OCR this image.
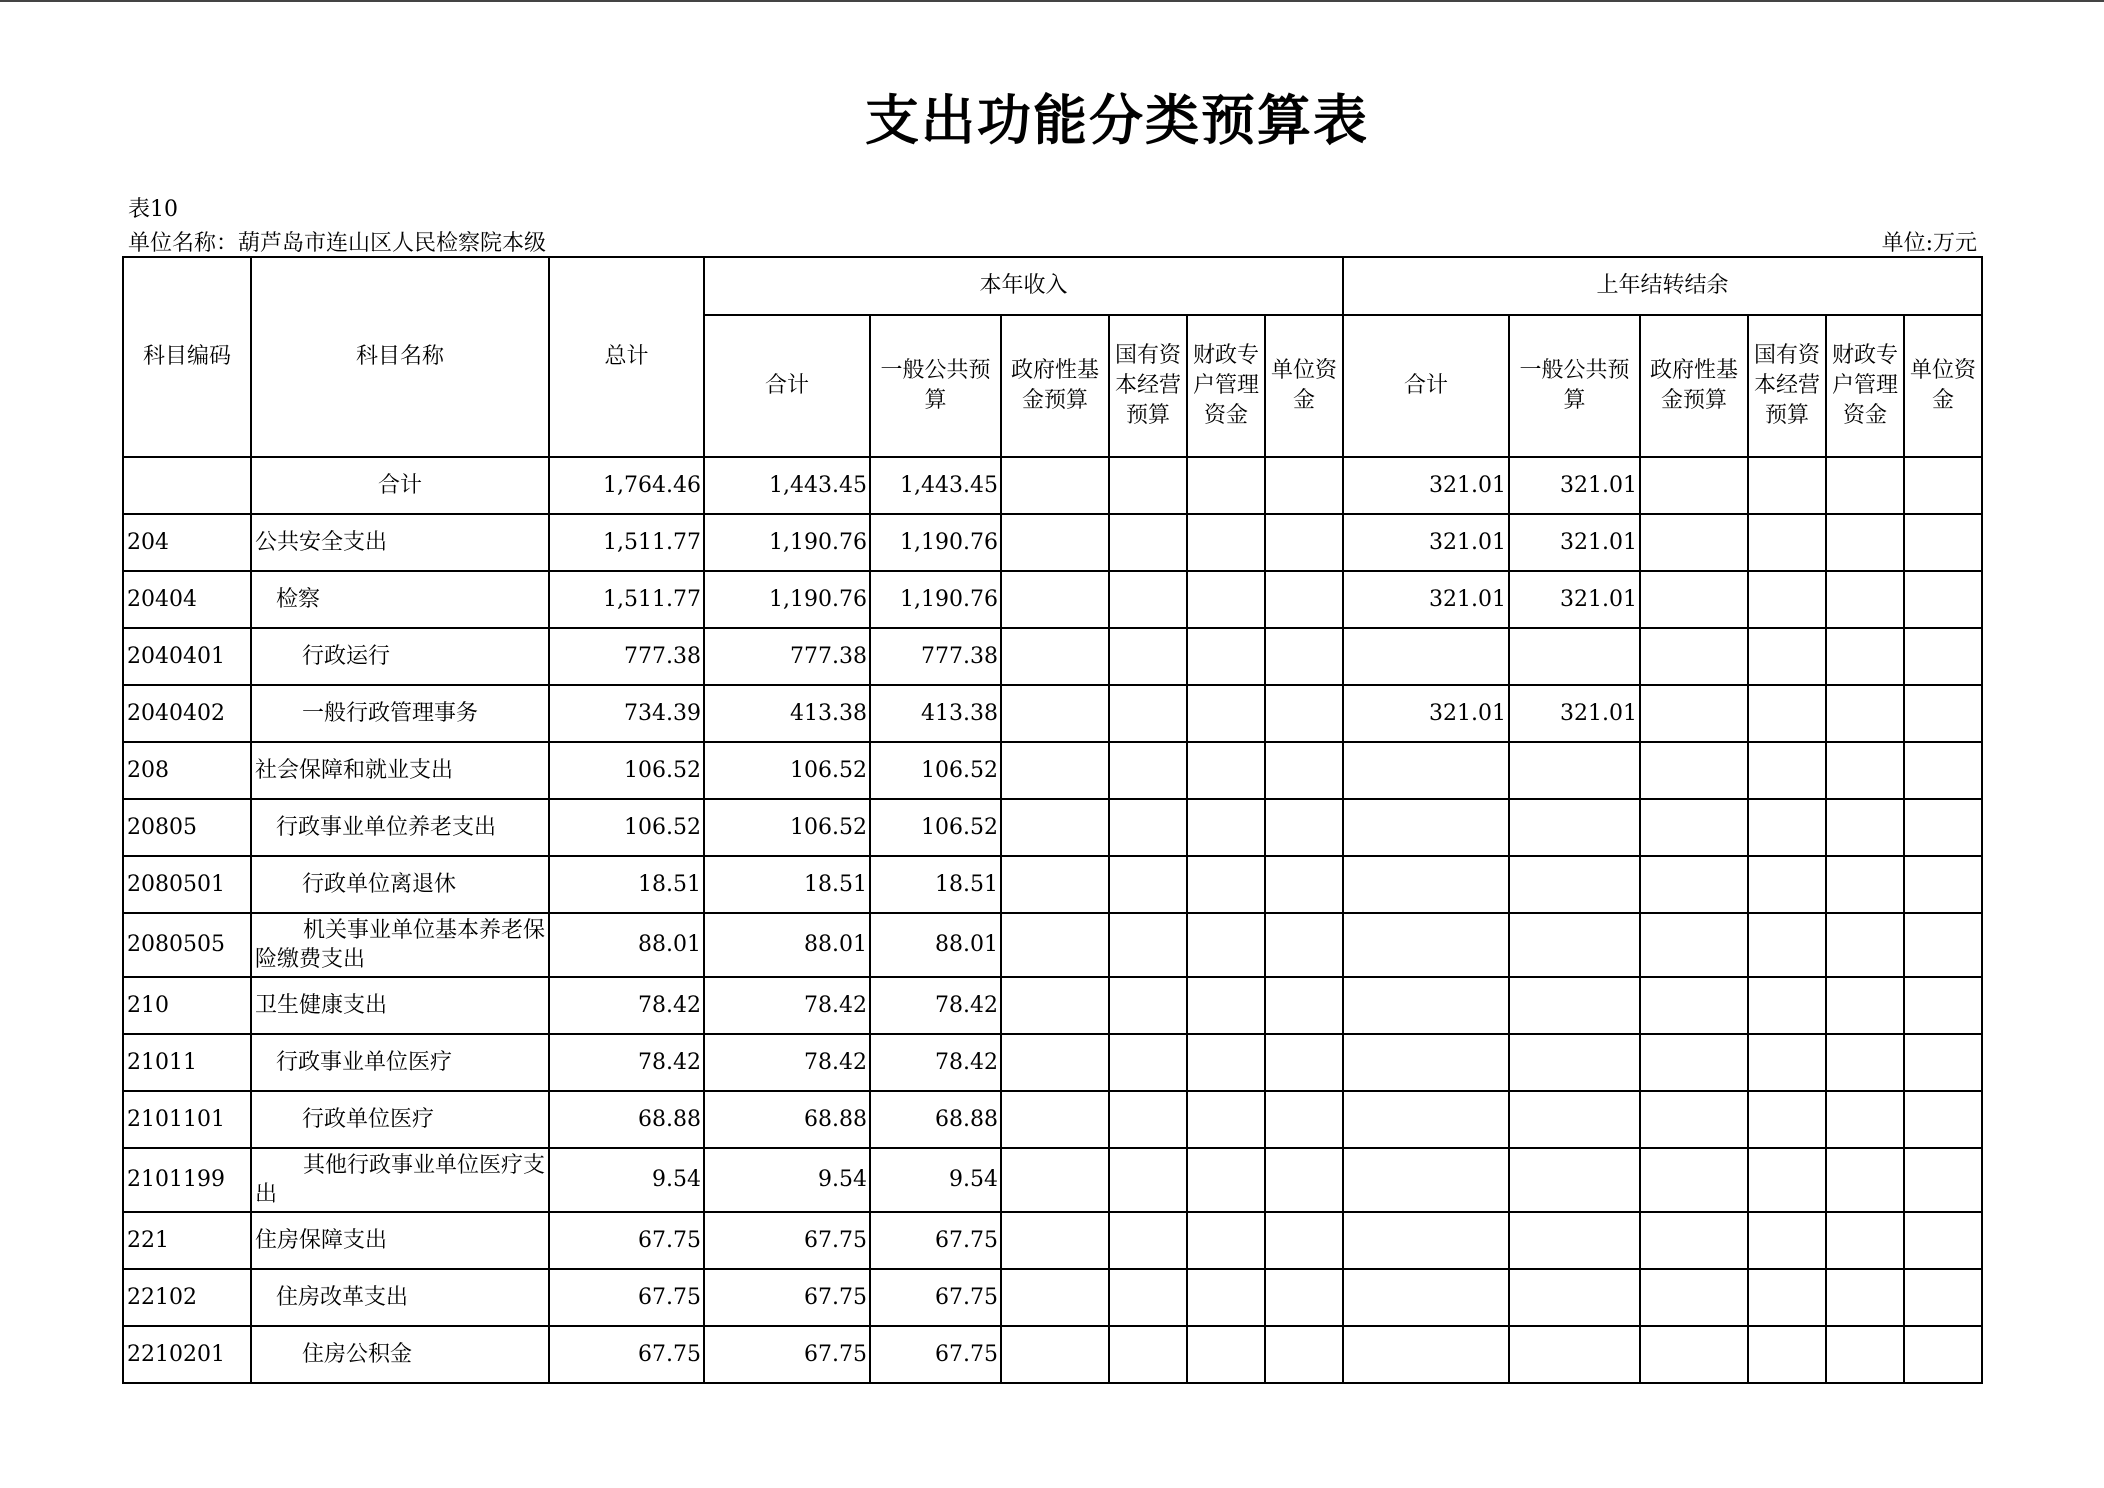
支出功能分类预算表
表10
单位名称：葫芦岛市连山区人民检察院本级	单位:万元
科目编码	科目名称	总计	本年收入						上年结转结余					
			合计	一般公共预算	政府性基金预算	国有资本经营预算	财政专户管理资金	单位资金	合计	一般公共预算	政府性基金预算	国有资本经营预算	财政专户管理资金	单位资金
	合计	1,764.46	1,443.45	1,443.45					321.01	321.01				
204	公共安全支出	1,511.77	1,190.76	1,190.76					321.01	321.01				
20404	检察	1,511.77	1,190.76	1,190.76					321.01	321.01				
2040401	行政运行	777.38	777.38	777.38										
2040402	一般行政管理事务	734.39	413.38	413.38					321.01	321.01				
208	社会保障和就业支出	106.52	106.52	106.52										
20805	行政事业单位养老支出	106.52	106.52	106.52										
2080501	行政单位离退休	18.51	18.51	18.51										
2080505	机关事业单位基本养老保险缴费支出	88.01	88.01	88.01										
210	卫生健康支出	78.42	78.42	78.42										
21011	行政事业单位医疗	78.42	78.42	78.42										
2101101	行政单位医疗	68.88	68.88	68.88										
2101199	其他行政事业单位医疗支出	9.54	9.54	9.54										
221	住房保障支出	67.75	67.75	67.75										
22102	住房改革支出	67.75	67.75	67.75										
2210201	住房公积金	67.75	67.75	67.75										
